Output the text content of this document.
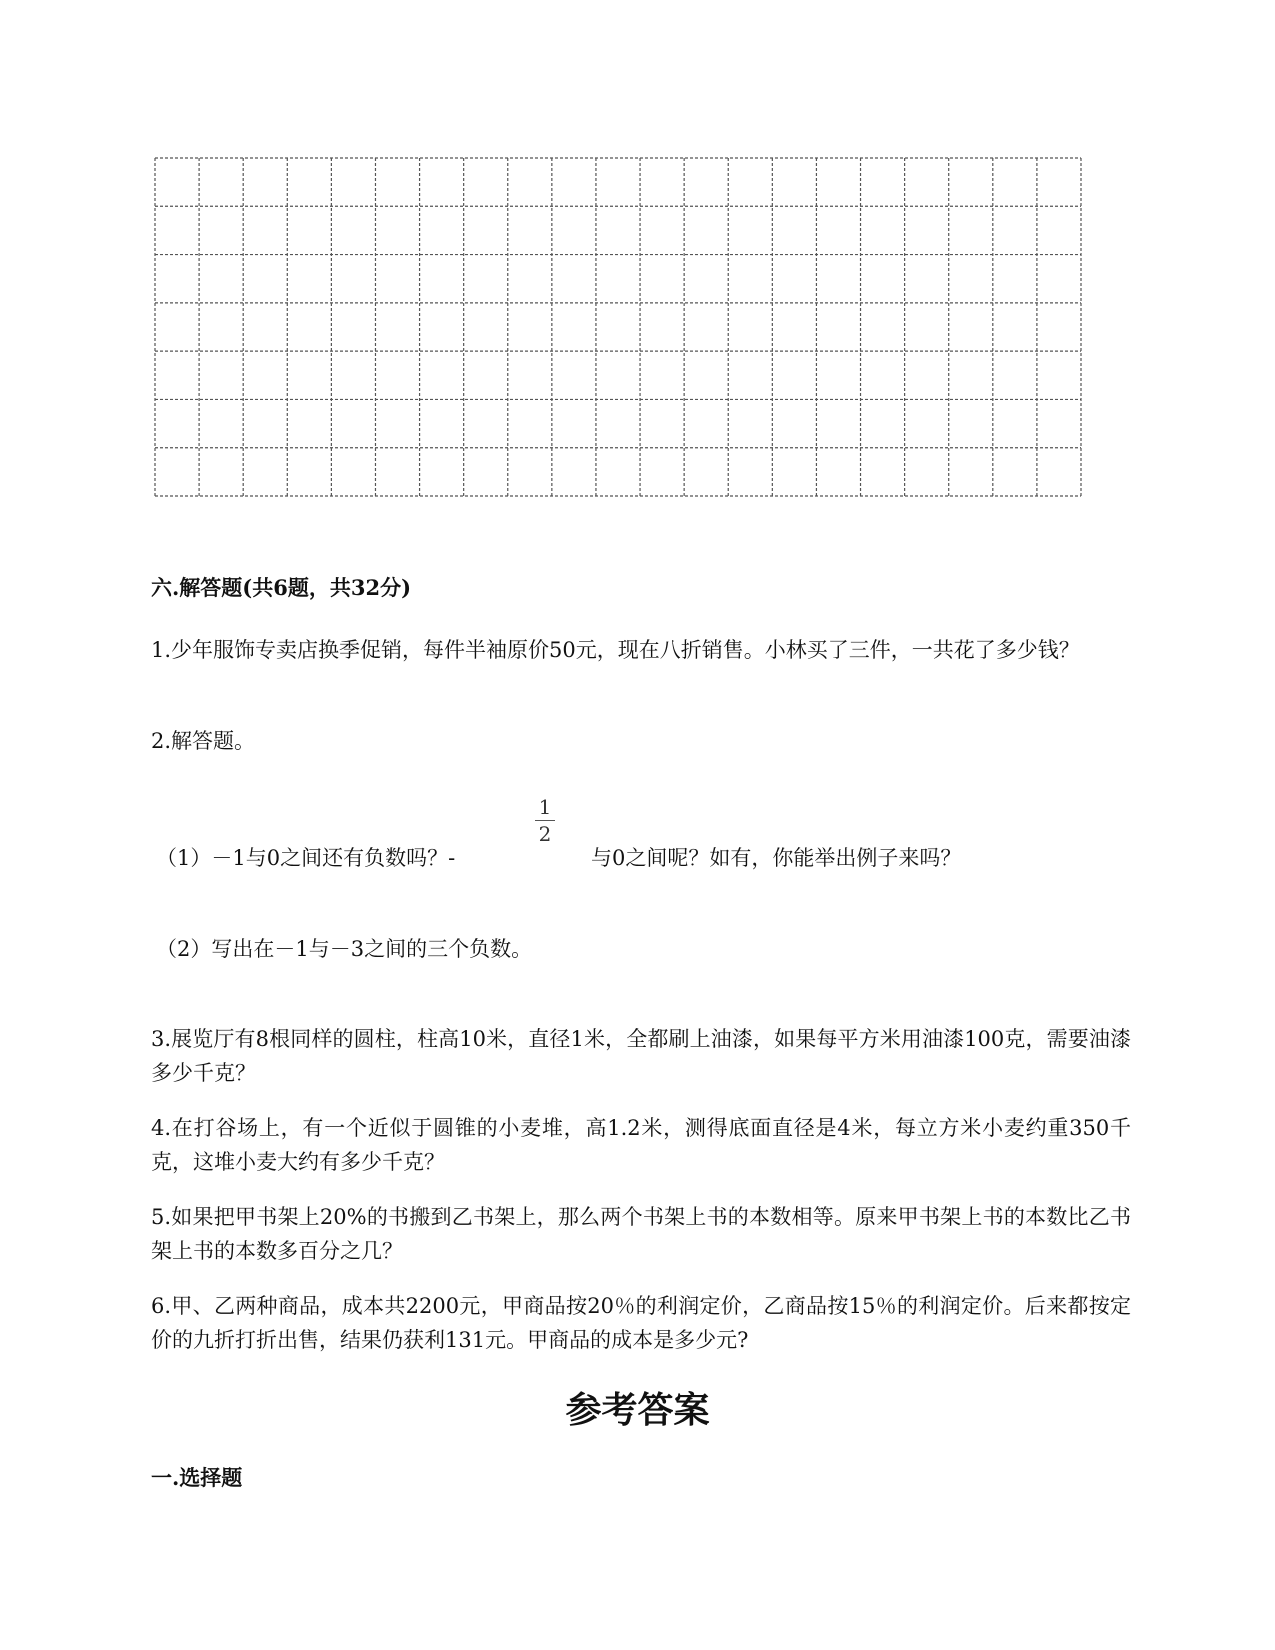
六.解答题(共6题，共32分)
1.少年服饰专卖店换季促销，每件半袖原价50元，现在八折销售。小林买了三件，一共花了多少钱？
2.解答题。
（1）－1与0之间还有负数吗？-
1
2
与0之间呢？如有，你能举出例子来吗？
（2）写出在－1与－3之间的三个负数。
3.展览厅有8根同样的圆柱，柱高10米，直径1米，全都刷上油漆，如果每平方米用油漆100克，需要油漆多少千克？
4.在打谷场上，有一个近似于圆锥的小麦堆，高1.2米，测得底面直径是4米，每立方米小麦约重350千克，这堆小麦大约有多少千克？
5.如果把甲书架上20%的书搬到乙书架上，那么两个书架上书的本数相等。原来甲书架上书的本数比乙书架上书的本数多百分之几？
6.甲、乙两种商品，成本共2200元，甲商品按20％的利润定价，乙商品按15％的利润定价。后来都按定价的九折打折出售，结果仍获利131元。甲商品的成本是多少元?
参考答案
一.选择题
